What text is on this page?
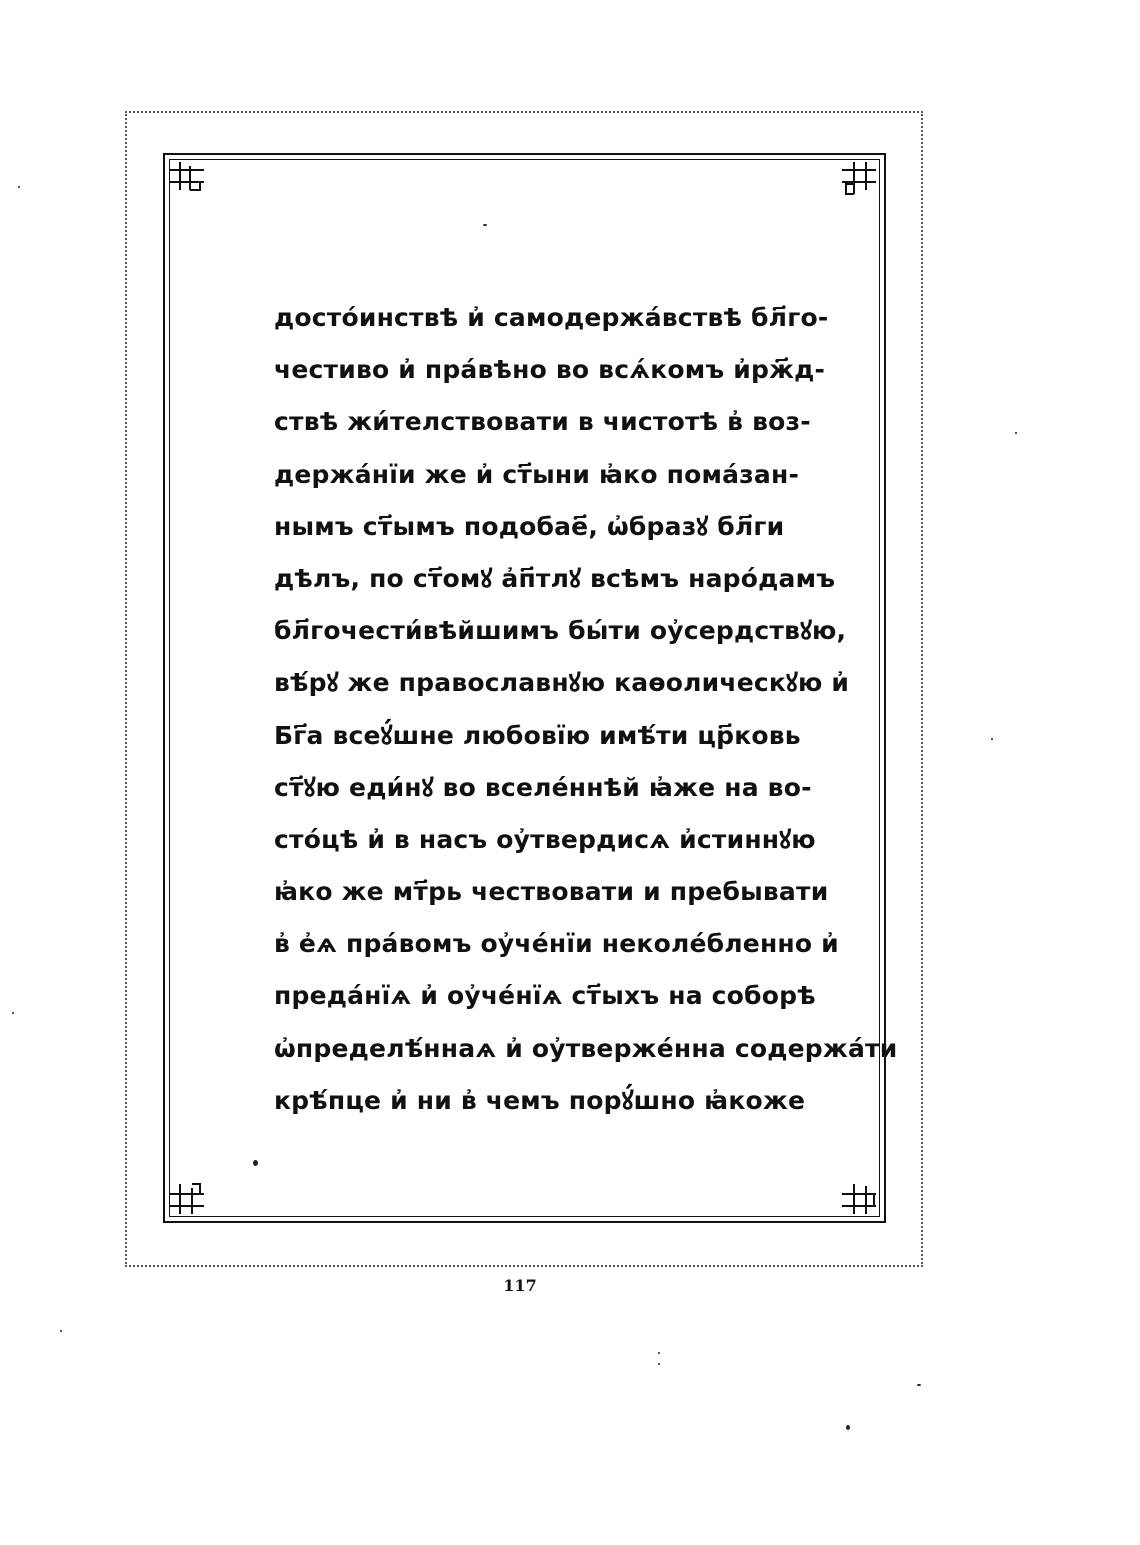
достóинствѣ и҆ самодержáвствѣ бл҃го-
честиво и҆ прáвѣно во всѧ́комъ и҆рж҃д-
ствѣ жи́телствовати в чистотѣ в҆ воз-
держáнїи же и҆ ст҃ыни ꙗ҆ко помáзан-
нымъ ст҃ымъ подобае҃, ѡ҆бразꙋ бл҃ги
дѣлъ, по ст҃омꙋ а҆п҃тлꙋ всѣмъ нарóдамъ
бл҃гочести́вѣйшимъ бы́ти оу҆сердствꙋю,
вѣ́рꙋ же православнꙋю каѳолическꙋю и҆
Бг҃а всеꙋ́шне любовїю имѣ́ти цр҃ковь
ст҃ꙋю еди́нꙋ во вселе́ннѣй ꙗ҆же на во-
стóцѣ и҆ в насъ оу҆твердисѧ и҆стиннꙋю
ꙗ҆ко же мт҃рь чествовати и пребывати
в҆ е҆ѧ прáвомъ оу҆че́нїи неколе́бленно и҆
предáнїѧ и҆ оу҆че́нїѧ ст҃ыхъ на соборѣ
ѡ҆пределѣ́ннаѧ и҆ оу҆твержéнна содержáти
крѣ́пце и҆ ни в҆ чемъ порꙋ́шно ꙗ҆коже
117
